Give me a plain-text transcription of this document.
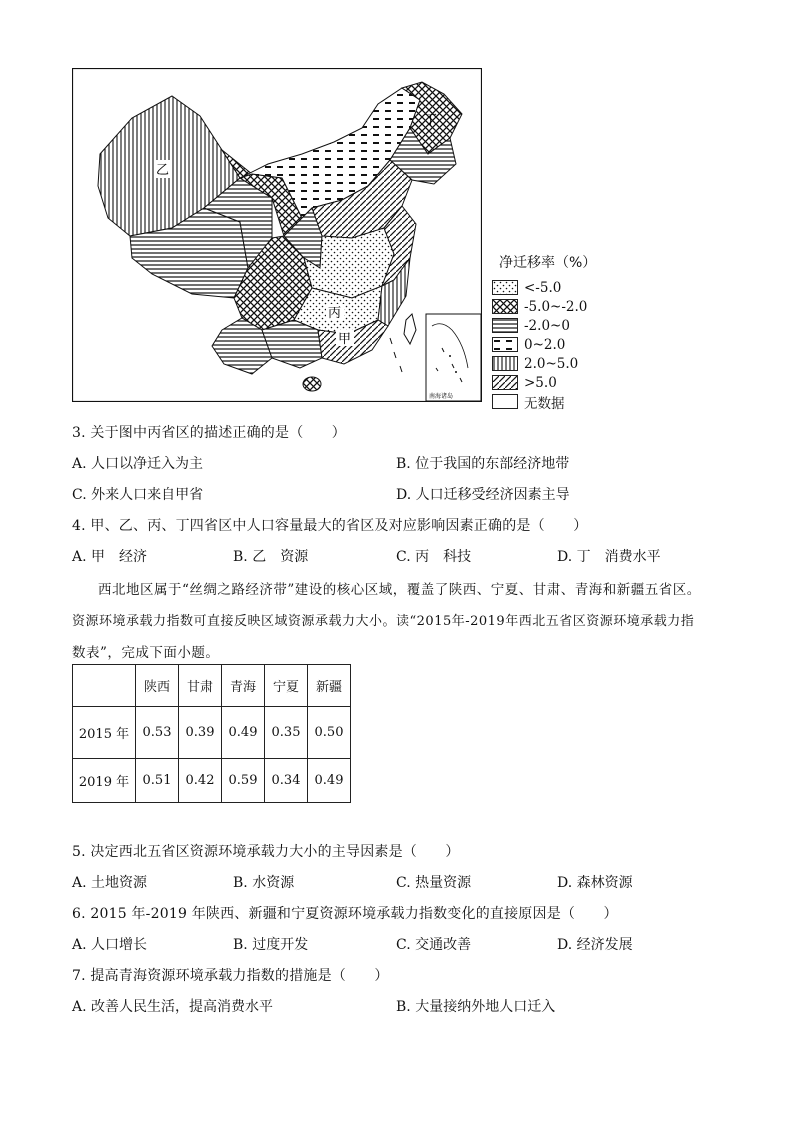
丁
乙
丙
甲
南海诸岛
净迁移率（%）
<-5.0
-5.0~-2.0
-2.0~0
0~2.0
2.0~5.0
>5.0
无数据
3. 关于图中丙省区的描述正确的是（　　）
A. 人口以净迁入为主	B. 位于我国的东部经济地带
C. 外来人口来自甲省	D. 人口迁移受经济因素主导
4. 甲、乙、丙、丁四省区中人口容量最大的省区及对应影响因素正确的是（　　）
A. 甲　经济	B. 乙　资源	C. 丙　科技	D. 丁　消费水平
西北地区属于“丝绸之路经济带”建设的核心区域，覆盖了陕西、宁夏、甘肃、青海和新疆五省区。
资源环境承载力指数可直接反映区域资源承载力大小。读“2015年-2019年西北五省区资源环境承载力指
数表”，完成下面小题。
	陕西	甘肃	青海	宁夏	新疆
2015 年	0.53	0.39	0.49	0.35	0.50
2019 年	0.51	0.42	0.59	0.34	0.49
5. 决定西北五省区资源环境承载力大小的主导因素是（　　）
A. 土地资源	B. 水资源	C. 热量资源	D. 森林资源
6. 2015 年-2019 年陕西、新疆和宁夏资源环境承载力指数变化的直接原因是（　　）
A. 人口增长	B. 过度开发	C. 交通改善	D. 经济发展
7. 提高青海资源环境承载力指数的措施是（　　）
A. 改善人民生活，提高消费水平	B. 大量接纳外地人口迁入
